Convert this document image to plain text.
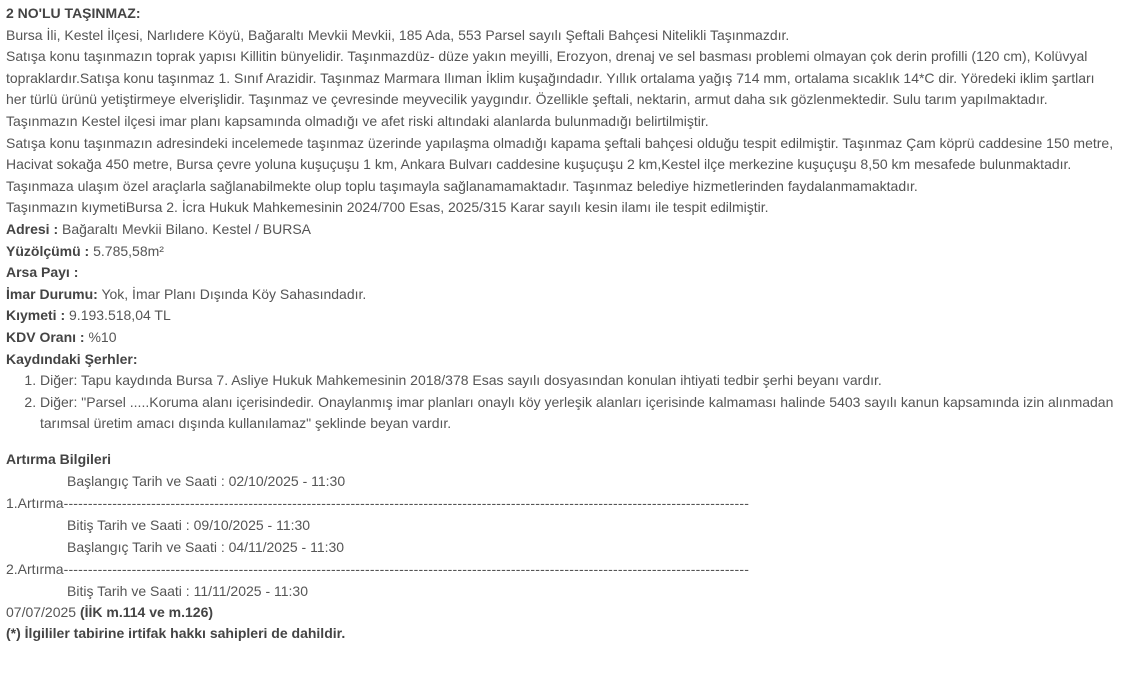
2 NO'LU TAŞINMAZ:
Bursa İli, Kestel İlçesi, Narlıdere Köyü, Bağaraltı Mevkii Mevkii, 185 Ada, 553 Parsel sayılı Şeftali Bahçesi Nitelikli Taşınmazdır.
Satışa konu taşınmazın toprak yapısı Killitin bünyelidir. Taşınmazdüz- düze yakın meyilli, Erozyon, drenaj ve sel basması problemi olmayan çok derin profilli (120 cm), Kolüvyal topraklardır.Satışa konu taşınmaz 1. Sınıf Arazidir. Taşınmaz Marmara Ilıman İklim kuşağındadır. Yıllık ortalama yağış 714 mm, ortalama sıcaklık 14*C dir. Yöredeki iklim şartları her türlü ürünü yetiştirmeye elverişlidir. Taşınmaz ve çevresinde meyvecilik yaygındır. Özellikle şeftali, nektarin, armut daha sık gözlenmektedir. Sulu tarım yapılmaktadır.
Taşınmazın Kestel ilçesi imar planı kapsamında olmadığı ve afet riski altındaki alanlarda bulunmadığı belirtilmiştir.
Satışa konu taşınmazın adresindeki incelemede taşınmaz üzerinde yapılaşma olmadığı kapama şeftali bahçesi olduğu tespit edilmiştir. Taşınmaz Çam köprü caddesine 150 metre, Hacivat sokağa 450 metre, Bursa çevre yoluna kuşuçuşu 1 km, Ankara Bulvarı caddesine kuşuçuşu 2 km,Kestel ilçe merkezine kuşuçuşu 8,50 km mesafede bulunmaktadır. Taşınmaza ulaşım özel araçlarla sağlanabilmekte olup toplu taşımayla sağlanamamaktadır. Taşınmaz belediye hizmetlerinden faydalanmamaktadır.
Taşınmazın kıymetiBursa 2. İcra Hukuk Mahkemesinin 2024/700 Esas, 2025/315 Karar sayılı kesin ilamı ile tespit edilmiştir.
Adresi : Bağaraltı Mevkii Bilano. Kestel / BURSA
Yüzölçümü : 5.785,58m²
Arsa Payı :
İmar Durumu: Yok, İmar Planı Dışında Köy Sahasındadır.
Kıymeti : 9.193.518,04 TL
KDV Oranı : %10
Kaydındaki Şerhler:
1. Diğer: Tapu kaydında Bursa 7. Asliye Hukuk Mahkemesinin 2018/378 Esas sayılı dosyasından konulan ihtiyati tedbir şerhi beyanı vardır.
2. Diğer: "Parsel .....Koruma alanı içerisindedir. Onaylanmış imar planları onaylı köy yerleşik alanları içerisinde kalmaması halinde 5403 sayılı kanun kapsamında izin alınmadan tarımsal üretim amacı dışında kullanılamaz" şeklinde beyan vardır.
Artırma Bilgileri
Başlangıç Tarih ve Saati : 02/10/2025 - 11:30
1.Artırma ---------------------------------------------------------------------------------------------------------------------------------------------
Bitiş Tarih ve Saati : 09/10/2025 - 11:30
Başlangıç Tarih ve Saati : 04/11/2025 - 11:30
2.Artırma ---------------------------------------------------------------------------------------------------------------------------------------------
Bitiş Tarih ve Saati : 11/11/2025 - 11:30
07/07/2025 (İİK m.114 ve m.126)
(*) İlgililer tabirine irtifak hakkı sahipleri de dahildir.
